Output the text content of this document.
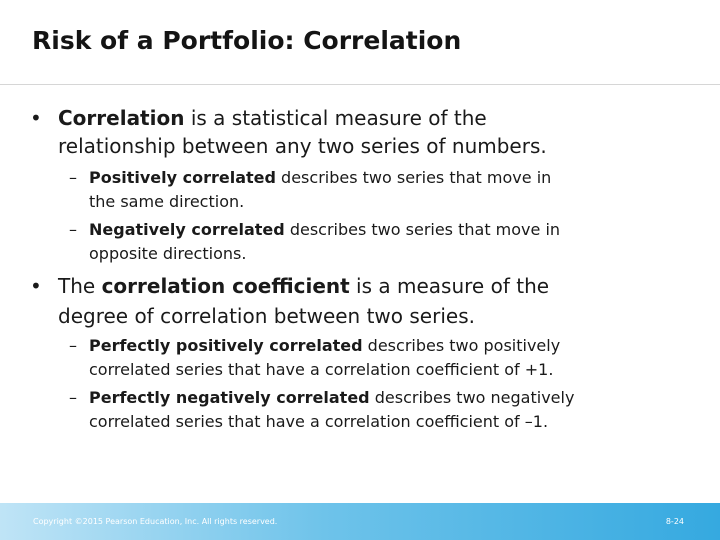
Risk of a Portfolio: Correlation
• Correlation is a statistical measure of the
relationship between any two series of numbers.
– Positively correlated describes two series that move in
the same direction.
– Negatively correlated describes two series that move in
opposite directions.
• The correlation coefficient is a measure of the
degree of correlation between two series.
– Perfectly positively correlated describes two positively
correlated series that have a correlation coefficient of +1.
– Perfectly negatively correlated describes two negatively
correlated series that have a correlation coefficient of –1.
Copyright ©2015 Pearson Education, Inc. All rights reserved.	8-24
